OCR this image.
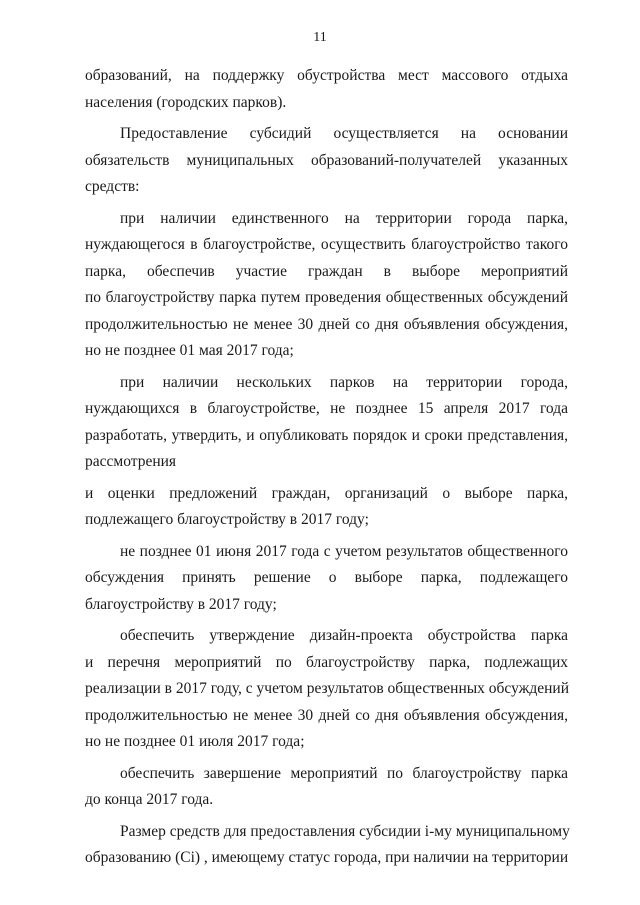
11
образований, на поддержку обустройства мест массового отдыха
населения (городских парков).
Предоставление субсидий осуществляется на основании
обязательств муниципальных образований-получателей указанных
средств:
при наличии единственного на территории города парка,
нуждающегося в благоустройстве, осуществить благоустройство такого
парка, обеспечив участие граждан в выборе мероприятий
по благоустройству парка путем проведения общественных обсуждений
продолжительностью не менее 30 дней со дня объявления обсуждения,
но не позднее 01 мая 2017 года;
при наличии нескольких парков на территории города,
нуждающихся в благоустройстве, не позднее 15 апреля 2017 года
разработать, утвердить, и опубликовать порядок и сроки представления,
рассмотрения
и оценки предложений граждан, организаций о выборе парка,
подлежащего благоустройству в 2017 году;
не позднее 01 июня 2017 года с учетом результатов общественного
обсуждения принять решение о выборе парка, подлежащего
благоустройству в 2017 году;
обеспечить утверждение дизайн-проекта обустройства парка
и перечня мероприятий по благоустройству парка, подлежащих
реализации в 2017 году, с учетом результатов общественных обсуждений
продолжительностью не менее 30 дней со дня объявления обсуждения,
но не позднее 01 июля 2017 года;
обеспечить завершение мероприятий по благоустройству парка
до конца 2017 года.
Размер средств для предоставления субсидии i-му муниципальному
образованию (Сi) , имеющему статус города, при наличии на территории
